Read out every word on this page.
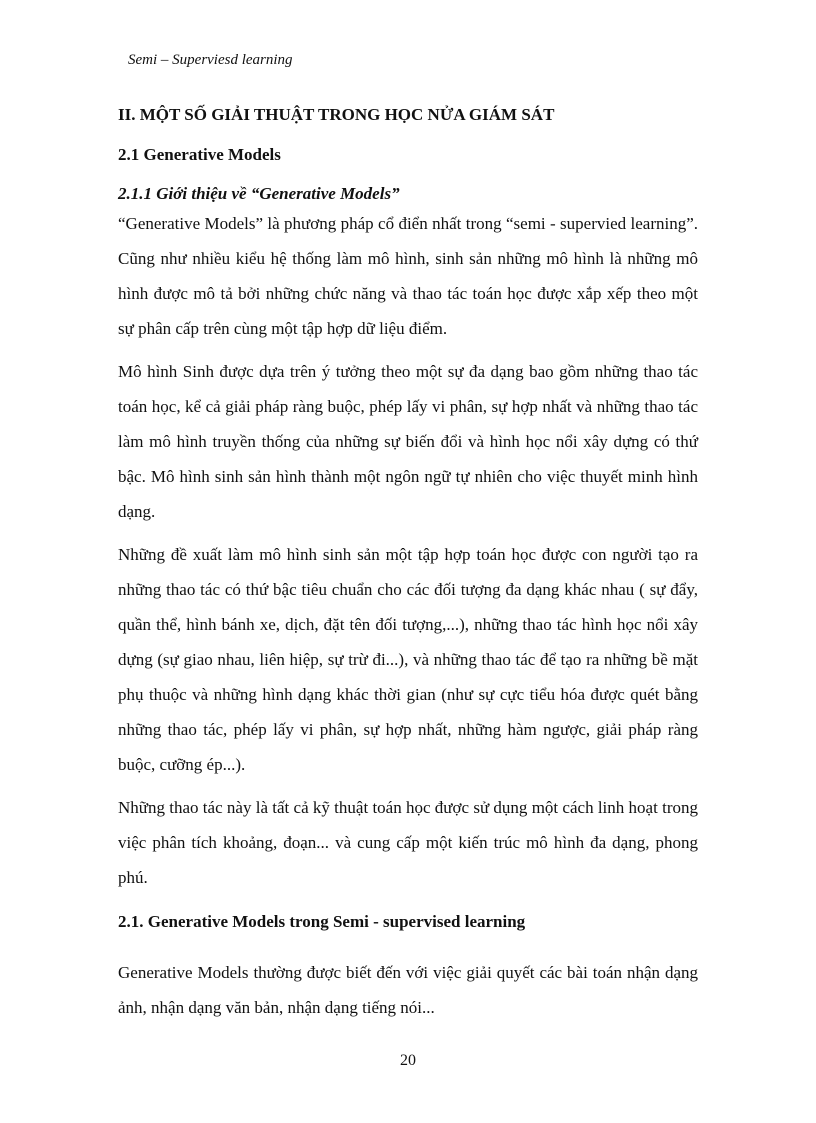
Semi – Superviesd learning
II. MỘT SỐ GIẢI THUẬT TRONG HỌC NỬA GIÁM SÁT
2.1 Generative Models
2.1.1 Giới thiệu về “Generative Models”

“Generative Models” là phương pháp cổ điển nhất trong “semi - supervied learning”. Cũng như nhiều kiểu hệ thống làm mô hình, sinh sản những mô hình là những mô hình được mô tả bởi những chức năng và thao tác toán học được xắp xếp theo một sự phân cấp trên cùng một tập hợp dữ liệu điểm.

Mô hình Sinh được dựa trên ý tưởng theo một sự đa dạng bao gồm những thao tác toán học, kể cả giải pháp ràng buộc, phép lấy vi phân, sự hợp nhất và những thao tác làm mô hình truyền thống của những sự biến đổi và hình học nổi xây dựng có thứ bậc. Mô hình sinh sản hình thành một ngôn ngữ tự nhiên cho việc thuyết minh hình dạng.

Những đề xuất làm mô hình sinh sản một tập hợp toán học được con người tạo ra những thao tác có thứ bậc tiêu chuẩn cho các đối tượng đa dạng khác nhau ( sự đẩy, quần thể, hình bánh xe, dịch, đặt tên đối tượng,...), những thao tác hình học nổi xây dựng (sự giao nhau, liên hiệp, sự trừ đi...), và những thao tác để tạo ra những bề mặt phụ thuộc và những hình dạng khác thời gian (như sự cực tiểu hóa được quét bằng những thao tác, phép lấy vi phân, sự hợp nhất, những hàm ngược, giải pháp ràng buộc, cưỡng ép...).

Những thao tác này là tất cả kỹ thuật toán học được sử dụng một cách linh hoạt trong việc phân tích khoảng, đoạn... và cung cấp một kiến trúc mô hình đa dạng, phong phú.

2.1. Generative Models trong Semi - supervised learning

Generative Models thường được biết đến với việc giải quyết các bài toán nhận dạng ảnh, nhận dạng văn bản, nhận dạng tiếng nói...

20
